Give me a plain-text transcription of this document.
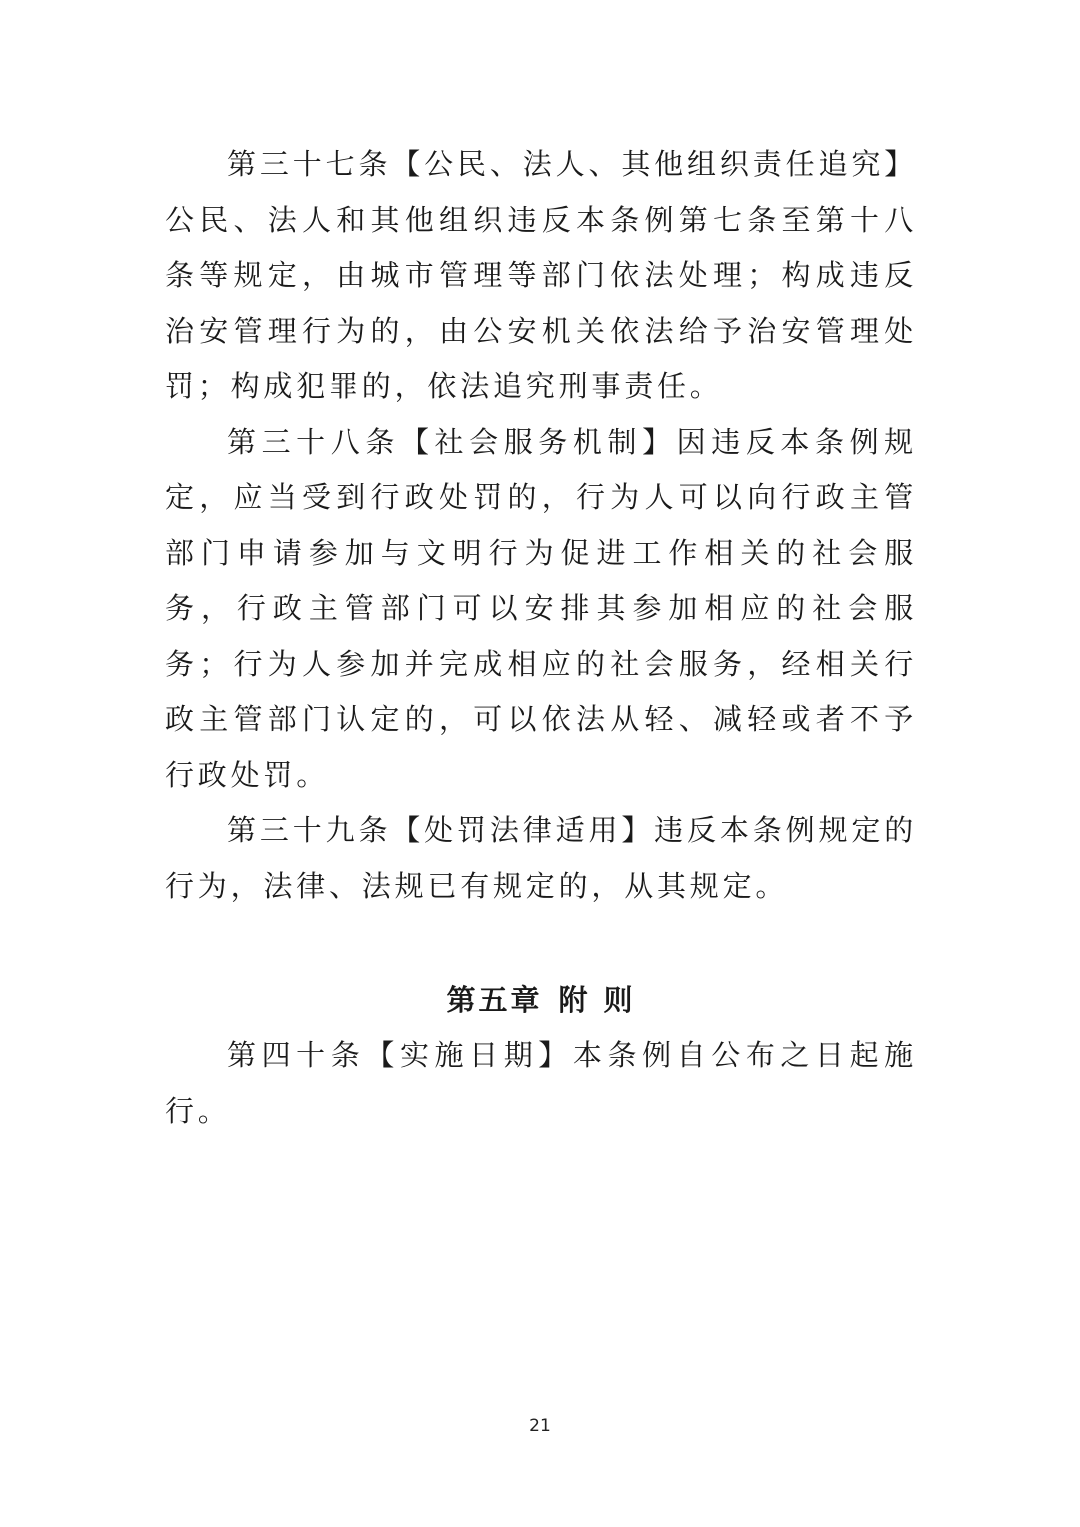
第三十七条【公民、法人、其他组织责任追究】公民、法人和其他组织违反本条例第七条至第十八条等规定，由城市管理等部门依法处理；构成违反治安管理行为的，由公安机关依法给予治安管理处罚；构成犯罪的，依法追究刑事责任。

第三十八条【社会服务机制】因违反本条例规定，应当受到行政处罚的，行为人可以向行政主管部门申请参加与文明行为促进工作相关的社会服务，行政主管部门可以安排其参加相应的社会服务；行为人参加并完成相应的社会服务，经相关行政主管部门认定的，可以依法从轻、减轻或者不予行政处罚。

第三十九条【处罚法律适用】违反本条例规定的行为，法律、法规已有规定的，从其规定。

第五章 附 则

第四十条【实施日期】本条例自公布之日起施行。

21
